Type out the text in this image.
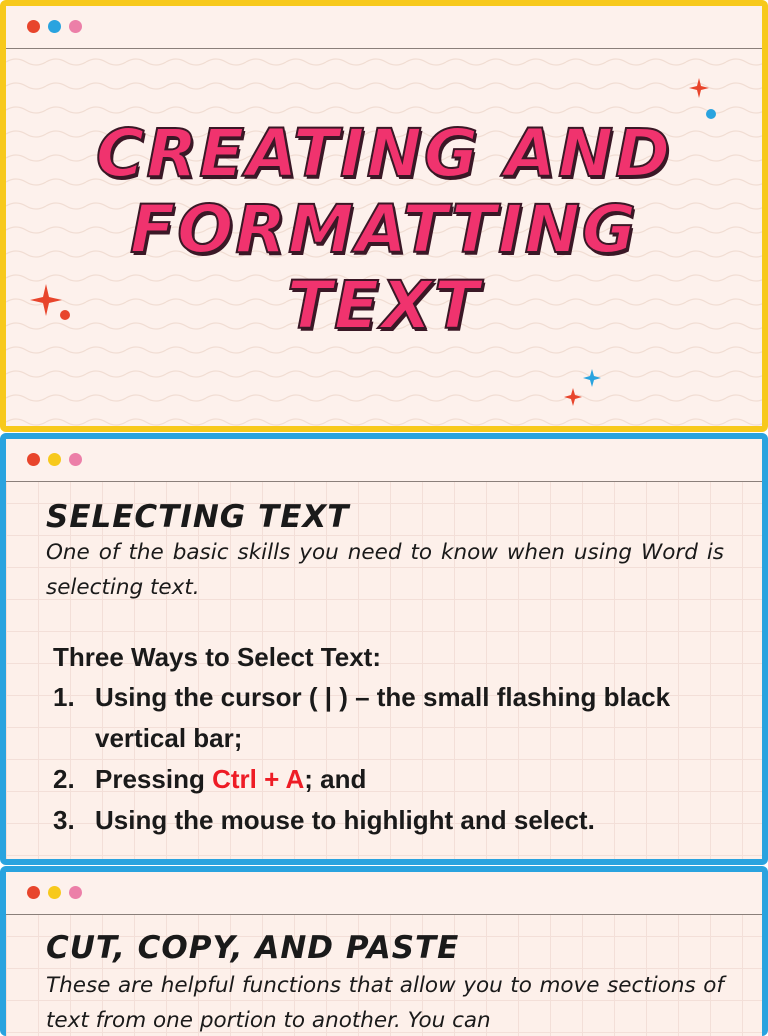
CREATING AND
FORMATTING
TEXT
SELECTING TEXT
One of the basic skills you need to know when using Word is selecting text.
Three Ways to Select Text:
1. Using the cursor ( | ) – the small flashing black vertical bar;
2. Pressing Ctrl + A; and
3. Using the mouse to highlight and select.
CUT, COPY, AND PASTE
These are helpful functions that allow you to move sections of text from one portion to another. You can
